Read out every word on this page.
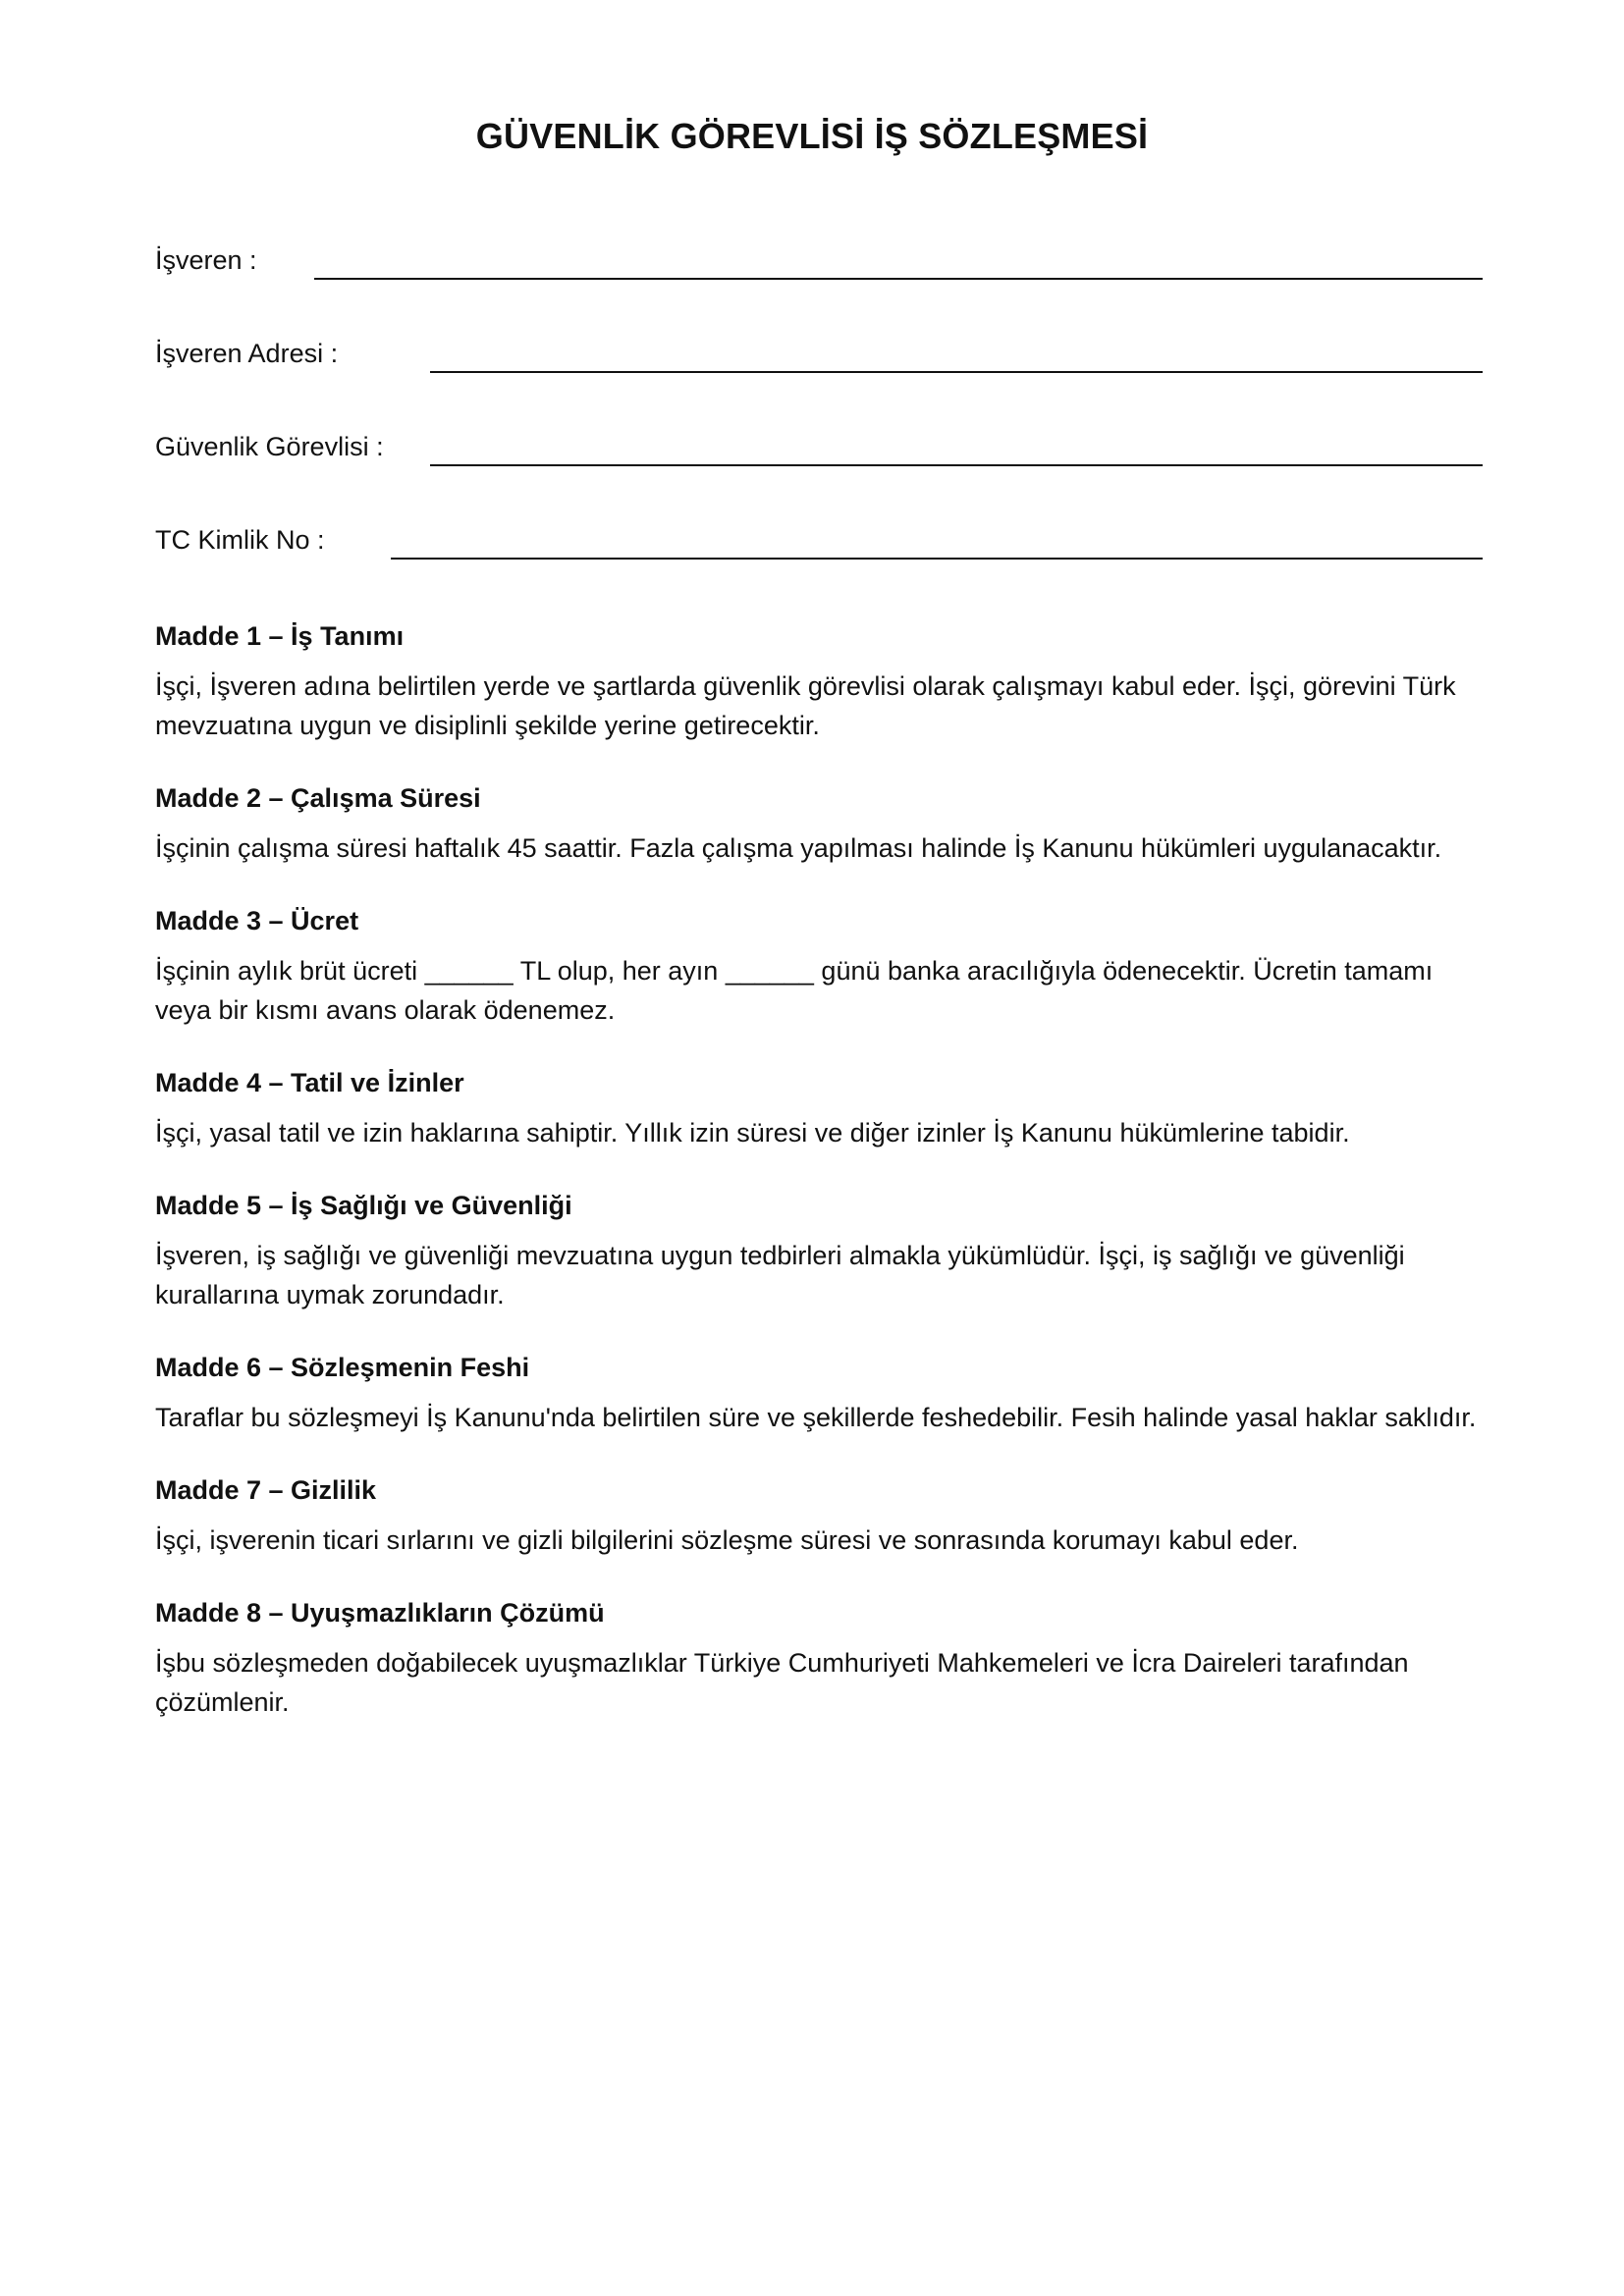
GÜVENLİK GÖREVLİSİ İŞ SÖZLEŞMESİ
İşveren :
İşveren Adresi :
Güvenlik Görevlisi :
TC Kimlik No :

Madde 1 – İş Tanımı

İşçi, İşveren adına belirtilen yerde ve şartlarda güvenlik görevlisi olarak çalışmayı kabul eder. İşçi, görevini Türk mevzuatına uygun ve disiplinli şekilde yerine getirecektir.

Madde 2 – Çalışma Süresi

İşçinin çalışma süresi haftalık 45 saattir. Fazla çalışma yapılması halinde İş Kanunu hükümleri uygulanacaktır.

Madde 3 – Ücret

İşçinin aylık brüt ücreti ______ TL olup, her ayın ______ günü banka aracılığıyla ödenecektir. Ücretin tamamı veya bir kısmı avans olarak ödenemez.

Madde 4 – Tatil ve İzinler

İşçi, yasal tatil ve izin haklarına sahiptir. Yıllık izin süresi ve diğer izinler İş Kanunu hükümlerine tabidir.

Madde 5 – İş Sağlığı ve Güvenliği

İşveren, iş sağlığı ve güvenliği mevzuatına uygun tedbirleri almakla yükümlüdür. İşçi, iş sağlığı ve güvenliği kurallarına uymak zorundadır.

Madde 6 – Sözleşmenin Feshi

Taraflar bu sözleşmeyi İş Kanunu'nda belirtilen süre ve şekillerde feshedebilir. Fesih halinde yasal haklar saklıdır.

Madde 7 – Gizlilik

İşçi, işverenin ticari sırlarını ve gizli bilgilerini sözleşme süresi ve sonrasında korumayı kabul eder.

Madde 8 – Uyuşmazlıkların Çözümü

İşbu sözleşmeden doğabilecek uyuşmazlıklar Türkiye Cumhuriyeti Mahkemeleri ve İcra Daireleri tarafından çözümlenir.
